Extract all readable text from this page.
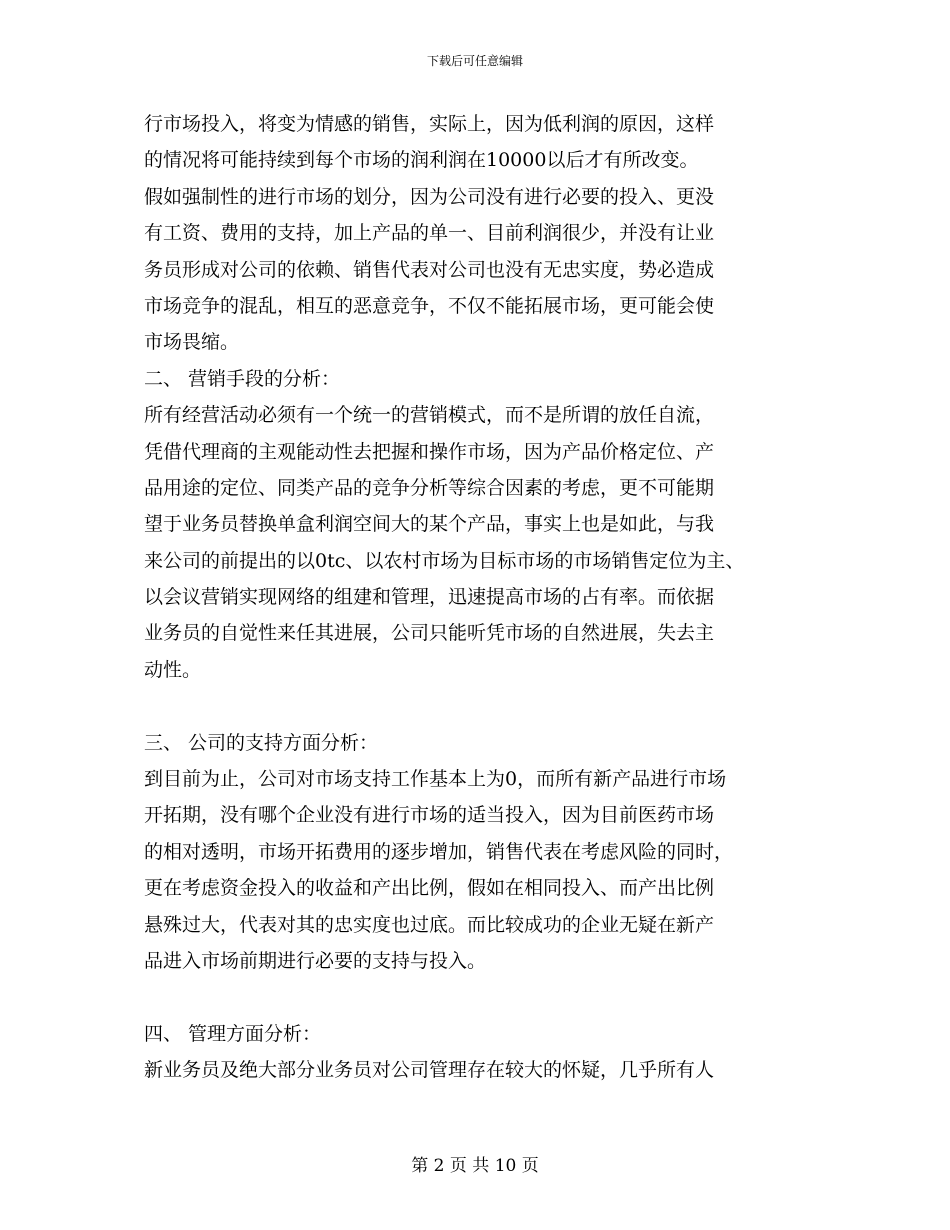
下载后可任意编辑
行市场投入，将变为情感的销售，实际上，因为低利润的原因，这样
的情况将可能持续到每个市场的润利润在10000以后才有所改变。
假如强制性的进行市场的划分，因为公司没有进行必要的投入、更没
有工资、费用的支持，加上产品的单一、目前利润很少，并没有让业
务员形成对公司的依赖、销售代表对公司也没有无忠实度，势必造成
市场竞争的混乱，相互的恶意竞争，不仅不能拓展市场，更可能会使
市场畏缩。
二、 营销手段的分析：
所有经营活动必须有一个统一的营销模式，而不是所谓的放任自流，
凭借代理商的主观能动性去把握和操作市场，因为产品价格定位、产
品用途的定位、同类产品的竞争分析等综合因素的考虑，更不可能期
望于业务员替换单盒利润空间大的某个产品，事实上也是如此，与我
来公司的前提出的以0tc、以农村市场为目标市场的市场销售定位为主、
以会议营销实现网络的组建和管理，迅速提高市场的占有率。而依据
业务员的自觉性来任其进展，公司只能听凭市场的自然进展，失去主
动性。
三、 公司的支持方面分析：
到目前为止，公司对市场支持工作基本上为0，而所有新产品进行市场
开拓期，没有哪个企业没有进行市场的适当投入，因为目前医药市场
的相对透明，市场开拓费用的逐步增加，销售代表在考虑风险的同时，
更在考虑资金投入的收益和产出比例，假如在相同投入、而产出比例
悬殊过大，代表对其的忠实度也过底。而比较成功的企业无疑在新产
品进入市场前期进行必要的支持与投入。
四、 管理方面分析：
新业务员及绝大部分业务员对公司管理存在较大的怀疑，几乎所有人
第 2 页 共 10 页
